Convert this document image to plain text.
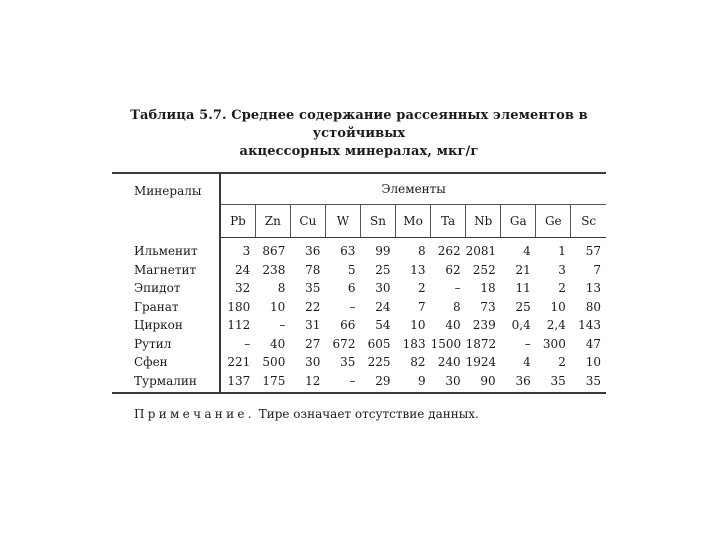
Таблица 5.7. Среднее содержание рассеянных элементов в устойчивых
акцессорных минералах, мкг/г
Минералы	Элементы										
	Pb	Zn	Cu	W	Sn	Mo	Ta	Nb	Ga	Ge	Sc
Ильменит	3	867	36	63	99	8	262	2081	4	1	57
Магнетит	24	238	78	5	25	13	62	252	21	3	7
Эпидот	32	8	35	6	30	2	–	18	11	2	13
Гранат	180	10	22	–	24	7	8	73	25	10	80
Циркон	112	–	31	66	54	10	40	239	0,4	2,4	143
Рутил	–	40	27	672	605	183	1500	1872	–	300	47
Сфен	221	500	30	35	225	82	240	1924	4	2	10
Турмалин	137	175	12	–	29	9	30	90	36	35	35

Примечание. Тире означает отсутствие данных.
